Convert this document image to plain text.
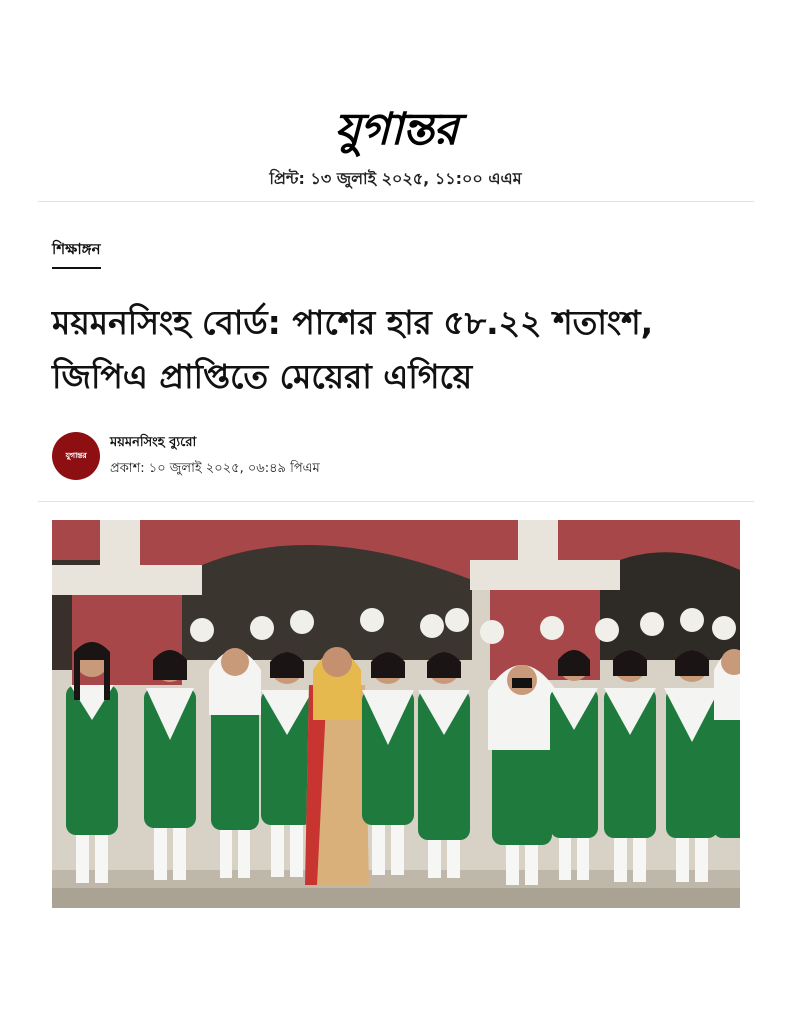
যুগান্তর
প্রিন্ট: ১৩ জুলাই ২০২৫, ১১:০০ এএম
শিক্ষাঙ্গন
ময়মনসিংহ বোর্ড: পাশের হার ৫৮.২২ শতাংশ, জিপিএ প্রাপ্তিতে মেয়েরা এগিয়ে
যুগান্তর
ময়মনসিংহ ব্যুরো
প্রকাশ: ১০ জুলাই ২০২৫, ০৬:৪৯ পিএম
